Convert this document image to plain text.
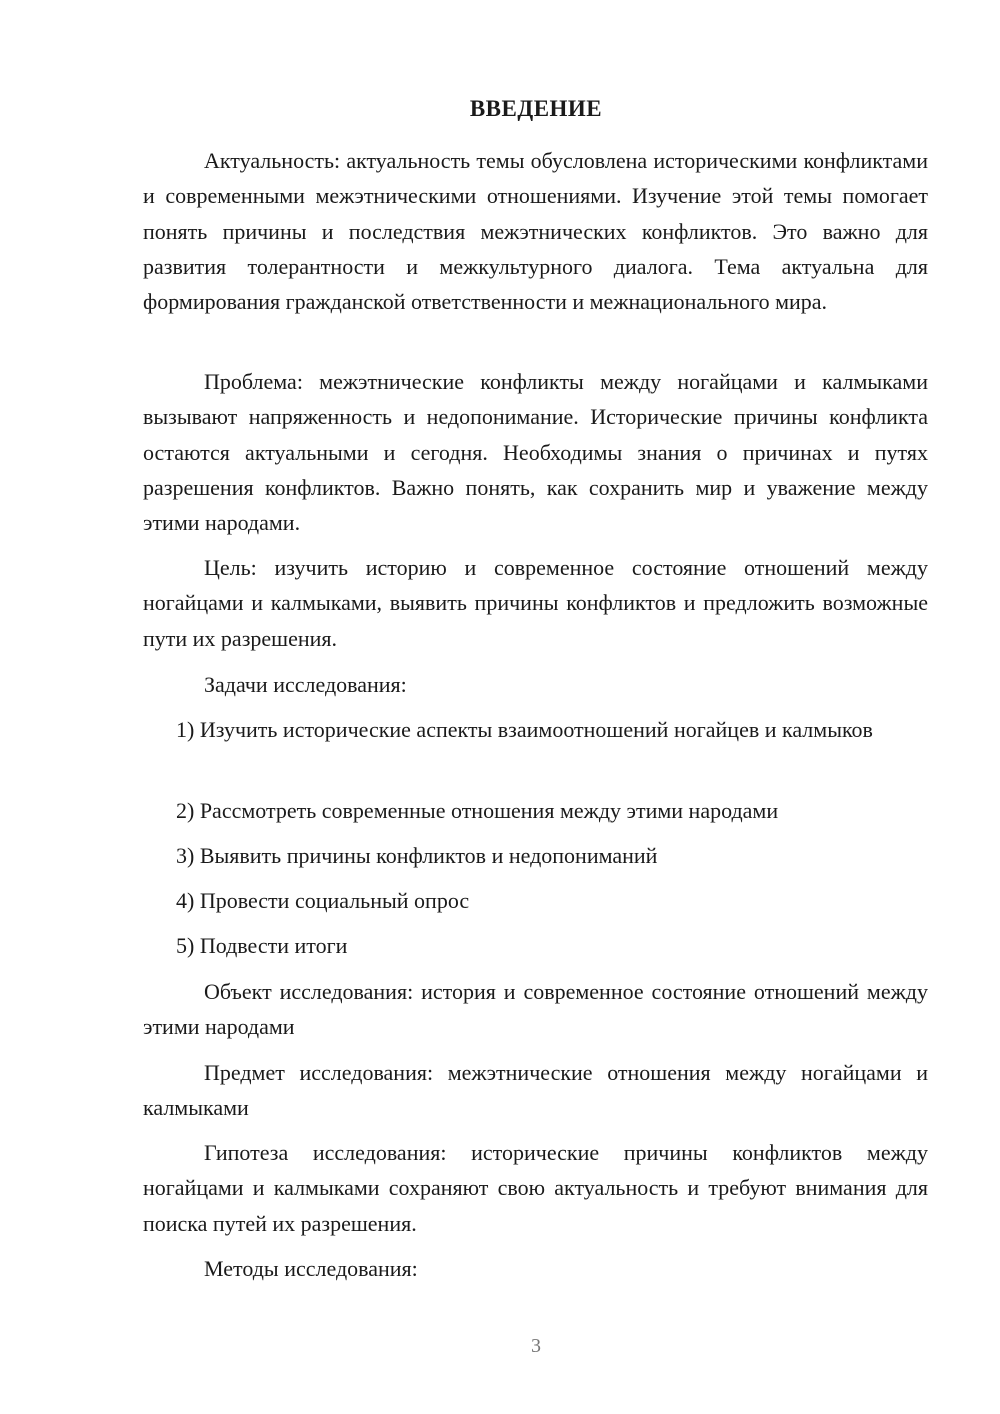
ВВЕДЕНИЕ

Актуальность: актуальность темы обусловлена историческими конфликтами и современными межэтническими отношениями. Изучение этой темы помогает понять причины и последствия межэтнических конфликтов. Это важно для развития толерантности и межкультурного диалога. Тема актуальна для формирования гражданской ответственности и межнационального мира.

Проблема: межэтнические конфликты между ногайцами и калмыками вызывают напряженность и недопонимание. Исторические причины конфликта остаются актуальными и сегодня. Необходимы знания о причинах и путях разрешения конфликтов. Важно понять, как сохранить мир и уважение между этими народами.

Цель: изучить историю и современное состояние отношений между ногайцами и калмыками, выявить причины конфликтов и предложить возможные пути их разрешения.

Задачи исследования:

1) Изучить исторические аспекты взаимоотношений ногайцев и калмыков

2) Рассмотреть современные отношения между этими народами

3) Выявить причины конфликтов и недопониманий

4) Провести социальный опрос

5) Подвести итоги

Объект исследования: история и современное состояние отношений между этими народами

Предмет исследования: межэтнические отношения между ногайцами и калмыками

Гипотеза исследования: исторические причины конфликтов между ногайцами и калмыками сохраняют свою актуальность и требуют внимания для поиска путей их разрешения.

Методы исследования:

3
